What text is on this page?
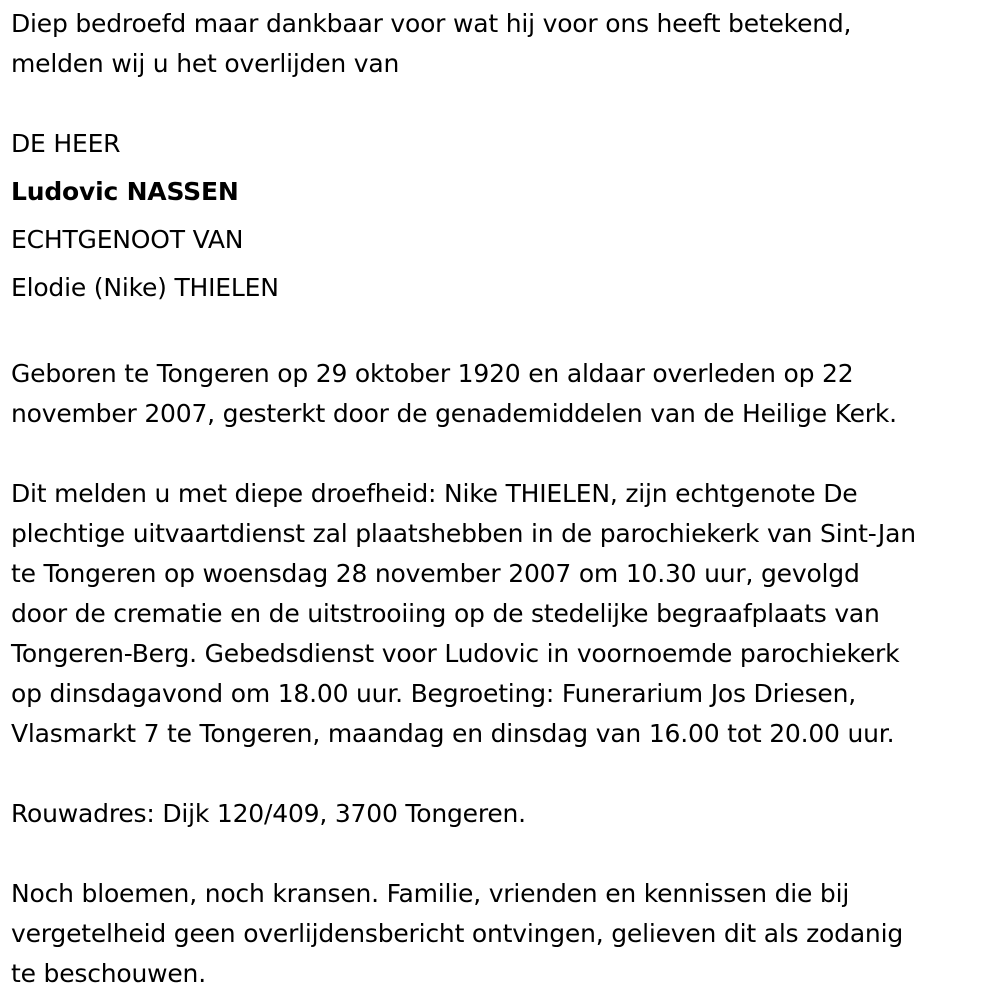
Diep bedroefd maar dankbaar voor wat hij voor ons heeft betekend,
melden wij u het overlijden van

DE HEER
Ludovic NASSEN
ECHTGENOOT VAN
Elodie (Nike) THIELEN

Geboren te Tongeren op 29 oktober 1920 en aldaar overleden op 22
november 2007, gesterkt door de genademiddelen van de Heilige Kerk.

Dit melden u met diepe droefheid: Nike THIELEN, zijn echtgenote De
plechtige uitvaartdienst zal plaatshebben in de parochiekerk van Sint-Jan
te Tongeren op woensdag 28 november 2007 om 10.30 uur, gevolgd
door de crematie en de uitstrooiing op de stedelijke begraafplaats van
Tongeren-Berg. Gebedsdienst voor Ludovic in voornoemde parochiekerk
op dinsdagavond om 18.00 uur. Begroeting: Funerarium Jos Driesen,
Vlasmarkt 7 te Tongeren, maandag en dinsdag van 16.00 tot 20.00 uur.

Rouwadres: Dijk 120/409, 3700 Tongeren.

Noch bloemen, noch kransen. Familie, vrienden en kennissen die bij
vergetelheid geen overlijdensbericht ontvingen, gelieven dit als zodanig
te beschouwen.
